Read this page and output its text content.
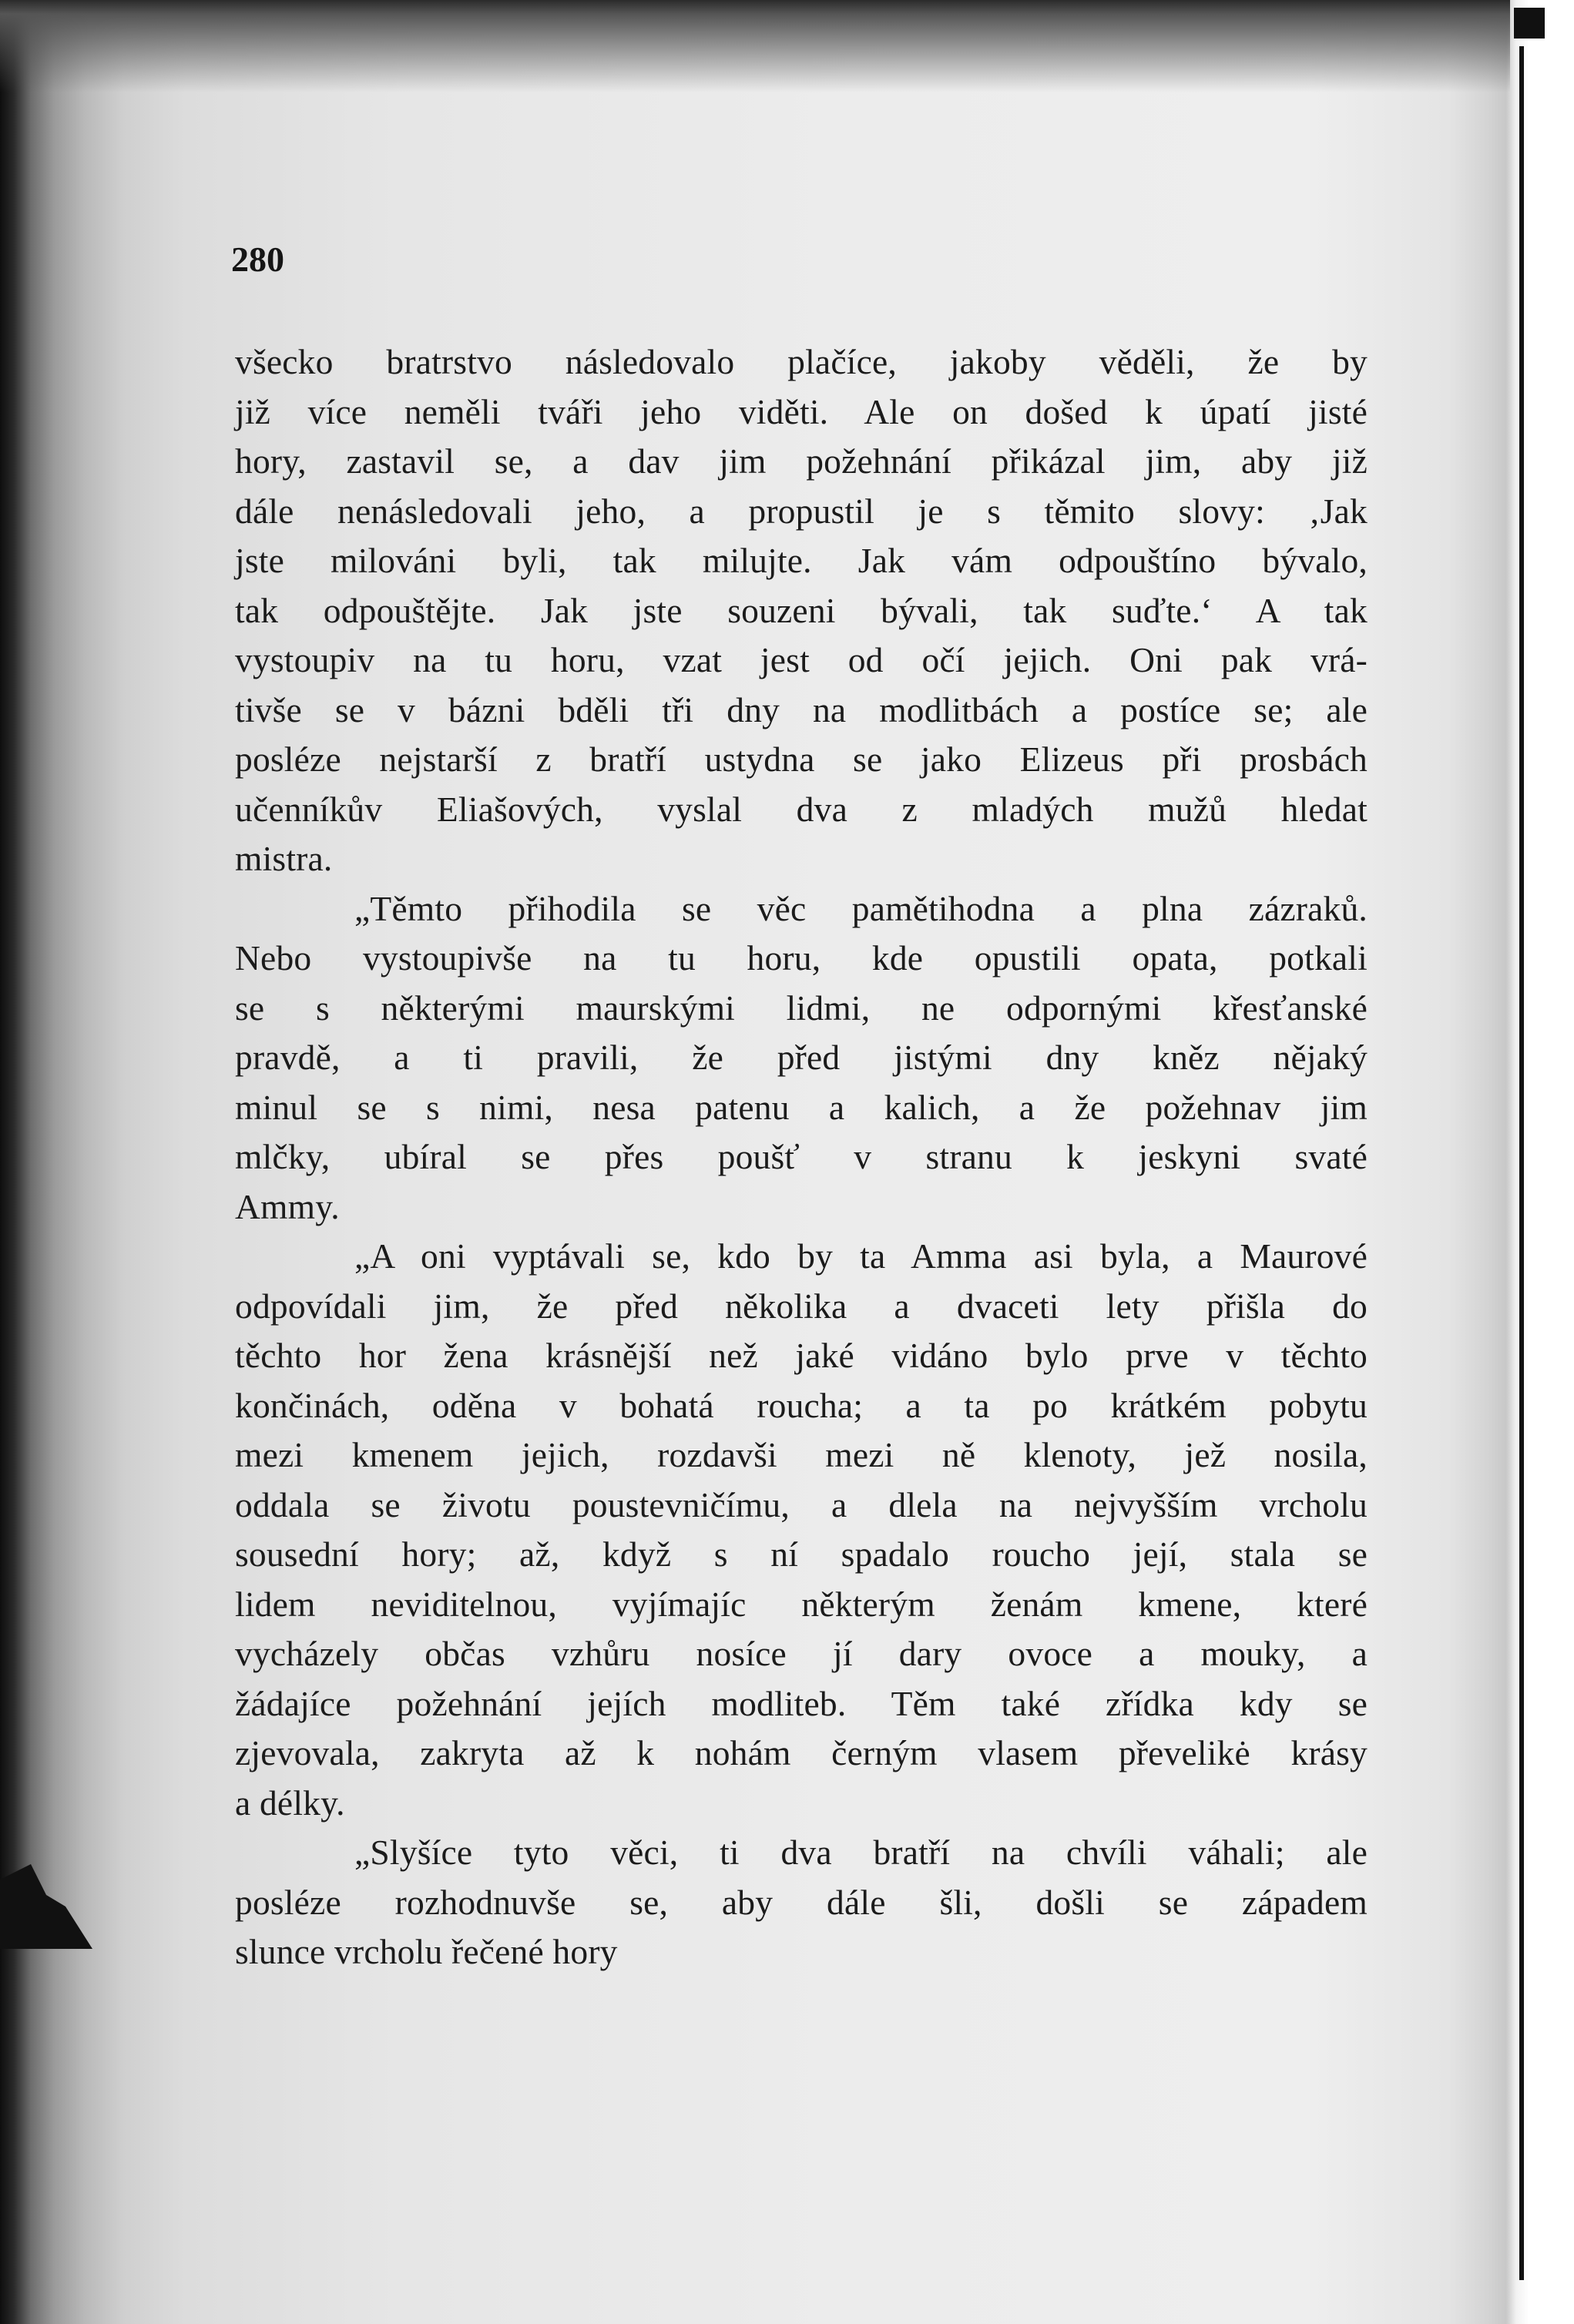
280

všecko bratrstvo následovalo plačíce, jakoby věděli, že by
již více neměli tváři jeho viděti. Ale on došed k úpatí jisté
hory, zastavil se, a dav jim požehnání přikázal jim, aby již
dále nenásledovali jeho, a propustil je s těmito slovy: ‚Jak
jste milováni byli, tak milujte. Jak vám odpouštíno bývalo,
tak odpouštějte. Jak jste souzeni bývali, tak suďte.‘ A tak
vystoupiv na tu horu, vzat jest od očí jejich. Oni pak vrá-
tivše se v bázni bděli tři dny na modlitbách a postíce se; ale
posléze nejstarší z bratří ustydna se jako Elizeus při prosbách
učenníkův Eliašových, vyslal dva z mladých mužů hledat
mistra.

„Těmto přihodila se věc pamětihodna a plna zázraků.
Nebo vystoupivše na tu horu, kde opustili opata, potkali
se s některými maurskými lidmi, ne odpornými křesťanské
pravdě, a ti pravili, že před jistými dny kněz nějaký
minul se s nimi, nesa patenu a kalich, a že požehnav jim
mlčky, ubíral se přes poušť v stranu k jeskyni svaté
Ammy.

„A oni vyptávali se, kdo by ta Amma asi byla, a Maurové
odpovídali jim, že před několika a dvaceti lety přišla do
těchto hor žena krásnější než jaké vidáno bylo prve v těchto
končinách, oděna v bohatá roucha; a ta po krátkém pobytu
mezi kmenem jejich, rozdavši mezi ně klenoty, jež nosila,
oddala se životu poustevničímu, a dlela na nejvyšším vrcholu
sousední hory; až, když s ní spadalo roucho její, stala se
lidem neviditelnou, vyjímajíc některým ženám kmene, které
vycházely občas vzhůru nosíce jí dary ovoce a mouky, a
žádajíce požehnání jejích modliteb. Těm také zřídka kdy se
zjevovala, zakryta až k nohám černým vlasem převelikė krásy
a délky.

„Slyšíce tyto věci, ti dva bratří na chvíli váhali; ale
posléze rozhodnuvše se, aby dále šli, došli se západem
slunce vrcholu řečené hory
